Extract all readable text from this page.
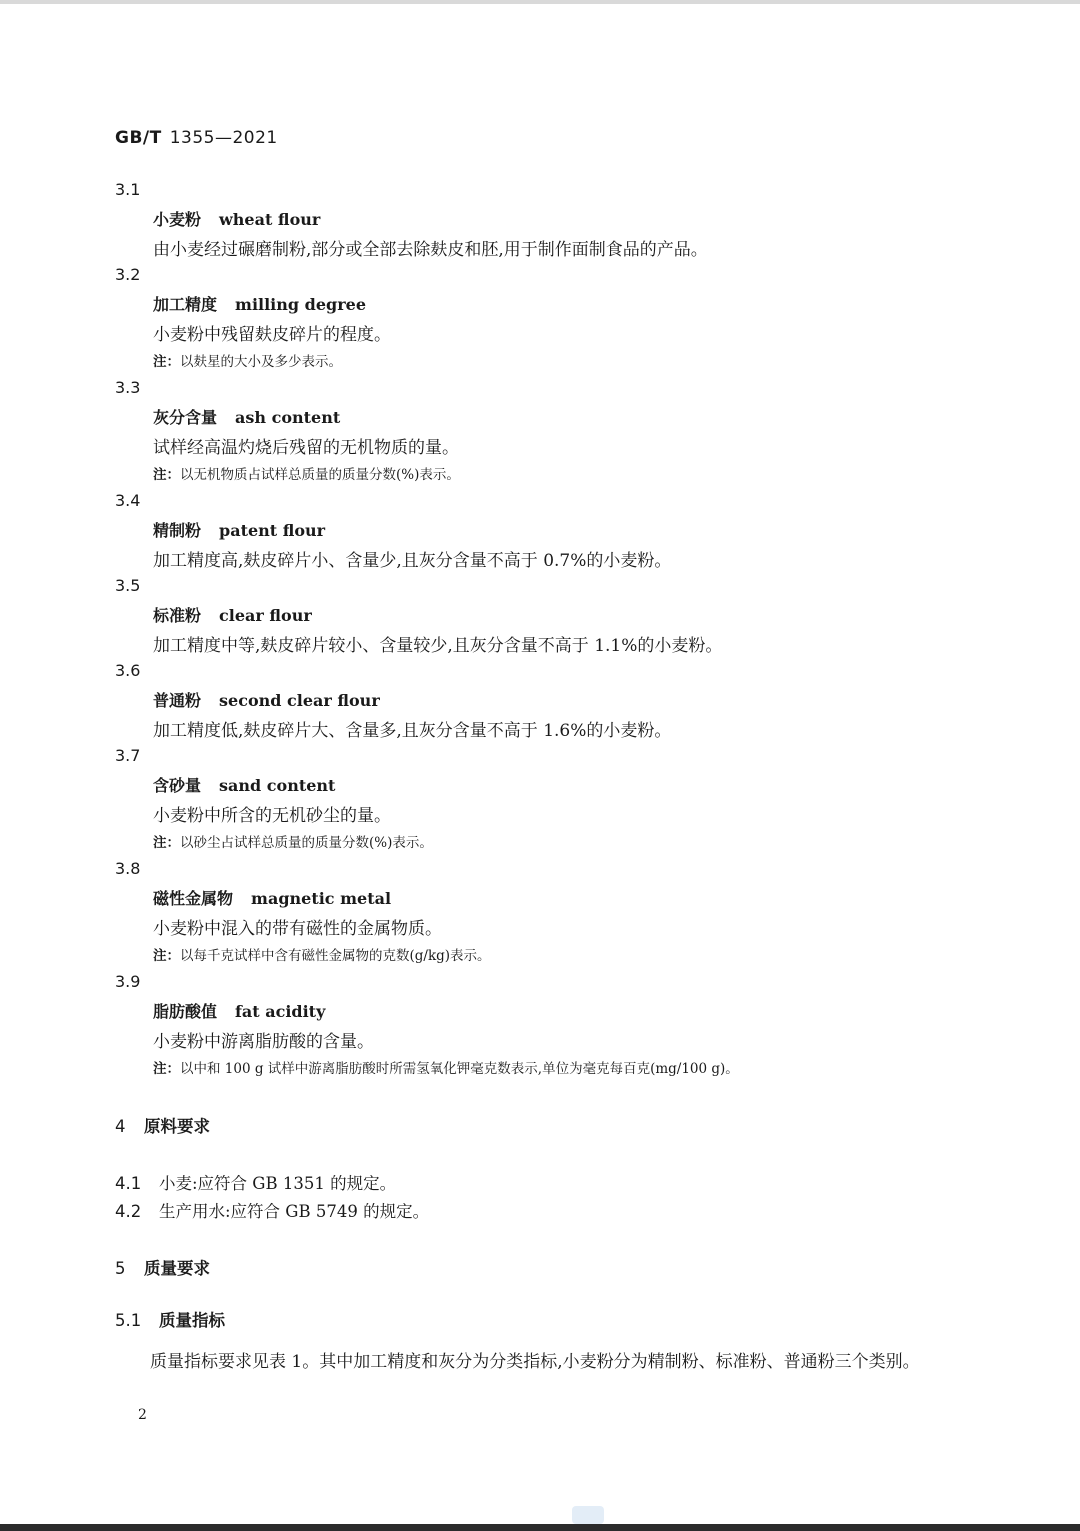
GB/T 1355—2021
3.1
小麦粉 wheat flour
由小麦经过碾磨制粉,部分或全部去除麸皮和胚,用于制作面制食品的产品。
3.2
加工精度 milling degree
小麦粉中残留麸皮碎片的程度。
注：以麸星的大小及多少表示。
3.3
灰分含量 ash content
试样经高温灼烧后残留的无机物质的量。
注：以无机物质占试样总质量的质量分数(%)表示。
3.4
精制粉 patent flour
加工精度高,麸皮碎片小、含量少,且灰分含量不高于 0.7%的小麦粉。
3.5
标准粉 clear flour
加工精度中等,麸皮碎片较小、含量较少,且灰分含量不高于 1.1%的小麦粉。
3.6
普通粉 second clear flour
加工精度低,麸皮碎片大、含量多,且灰分含量不高于 1.6%的小麦粉。
3.7
含砂量 sand content
小麦粉中所含的无机砂尘的量。
注：以砂尘占试样总质量的质量分数(%)表示。
3.8
磁性金属物 magnetic metal
小麦粉中混入的带有磁性的金属物质。
注：以每千克试样中含有磁性金属物的克数(g/kg)表示。
3.9
脂肪酸值 fat acidity
小麦粉中游离脂肪酸的含量。
注：以中和 100 g 试样中游离脂肪酸时所需氢氧化钾毫克数表示,单位为毫克每百克(mg/100 g)。
4 原料要求
4.1 小麦:应符合 GB 1351 的规定。
4.2 生产用水:应符合 GB 5749 的规定。
5 质量要求
5.1 质量指标
质量指标要求见表 1。其中加工精度和灰分为分类指标,小麦粉分为精制粉、标准粉、普通粉三个类别。
2
